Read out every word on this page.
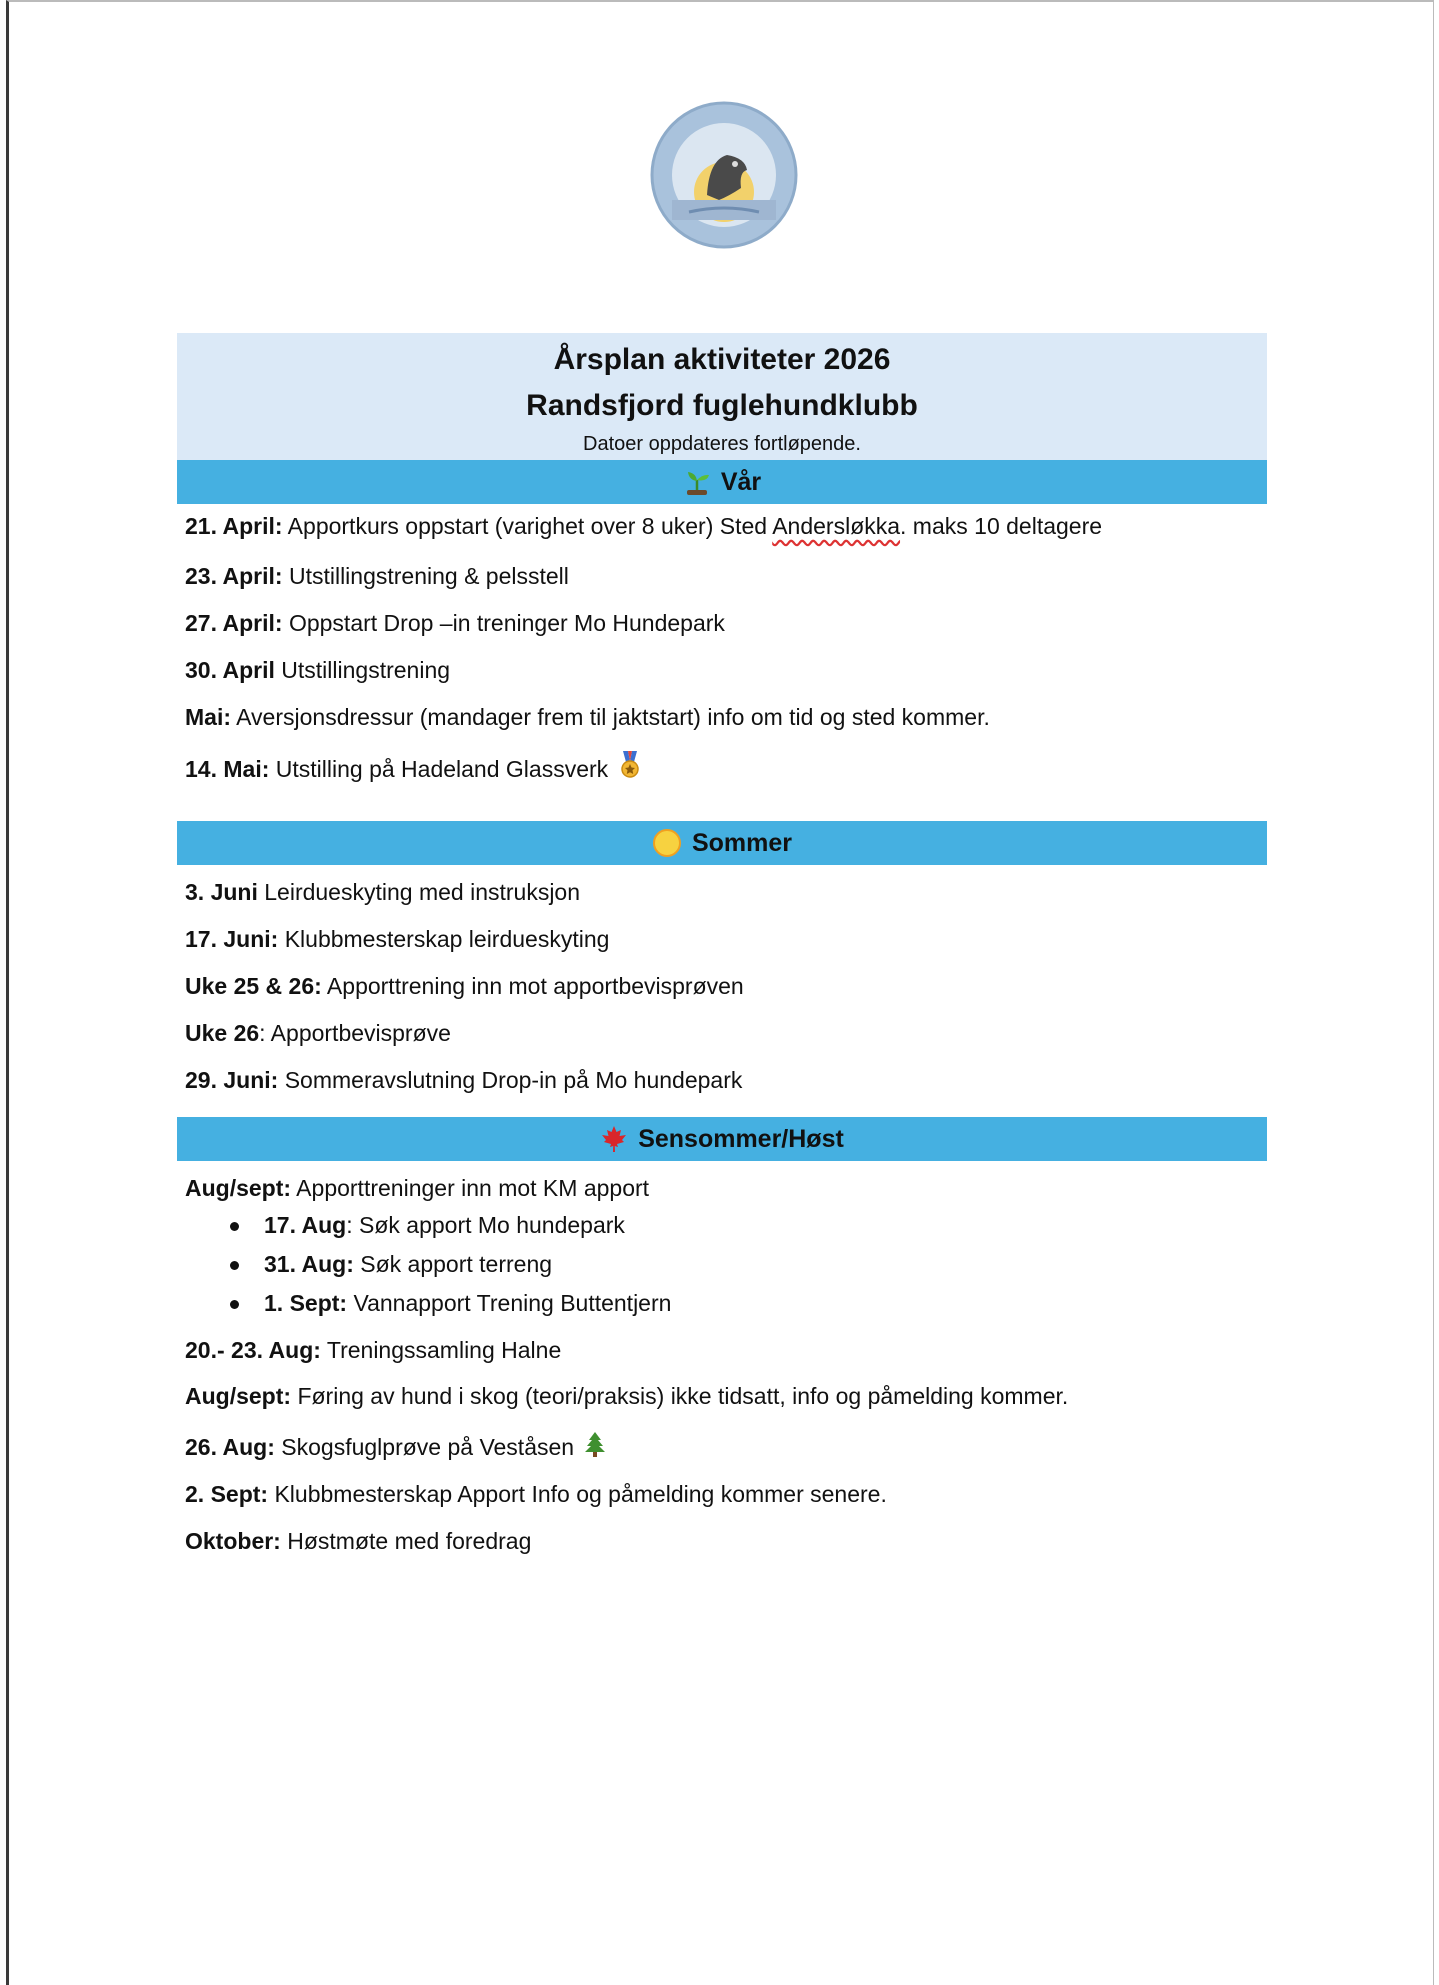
Årsplan aktiviteter 2026
Randsfjord fuglehundklubb
Datoer oppdateres fortløpende.
Vår
21. April: Apportkurs oppstart (varighet over 8 uker) Sted Andersløkka. maks 10 deltagere
23. April: Utstillingstrening & pelsstell
27. April: Oppstart Drop –in treninger Mo Hundepark
30. April Utstillingstrening
Mai: Aversjonsdressur (mandager frem til jaktstart) info om tid og sted kommer.
14. Mai: Utstilling på Hadeland Glassverk
Sommer
3. Juni Leirdueskyting med instruksjon
17. Juni: Klubbmesterskap leirdueskyting
Uke 25 & 26: Apporttrening inn mot apportbevisprøven
Uke 26: Apportbevisprøve
29. Juni: Sommeravslutning Drop-in på Mo hundepark
Sensommer/Høst
Aug/sept: Apporttreninger inn mot KM apport
17. Aug: Søk apport Mo hundepark
31. Aug: Søk apport terreng
1. Sept: Vannapport Trening Buttentjern
20.- 23. Aug: Treningssamling Halne
Aug/sept: Føring av hund i skog (teori/praksis) ikke tidsatt, info og påmelding kommer.
26. Aug: Skogsfuglprøve på Veståsen
2. Sept: Klubbmesterskap Apport Info og påmelding kommer senere.
Oktober: Høstmøte med foredrag
